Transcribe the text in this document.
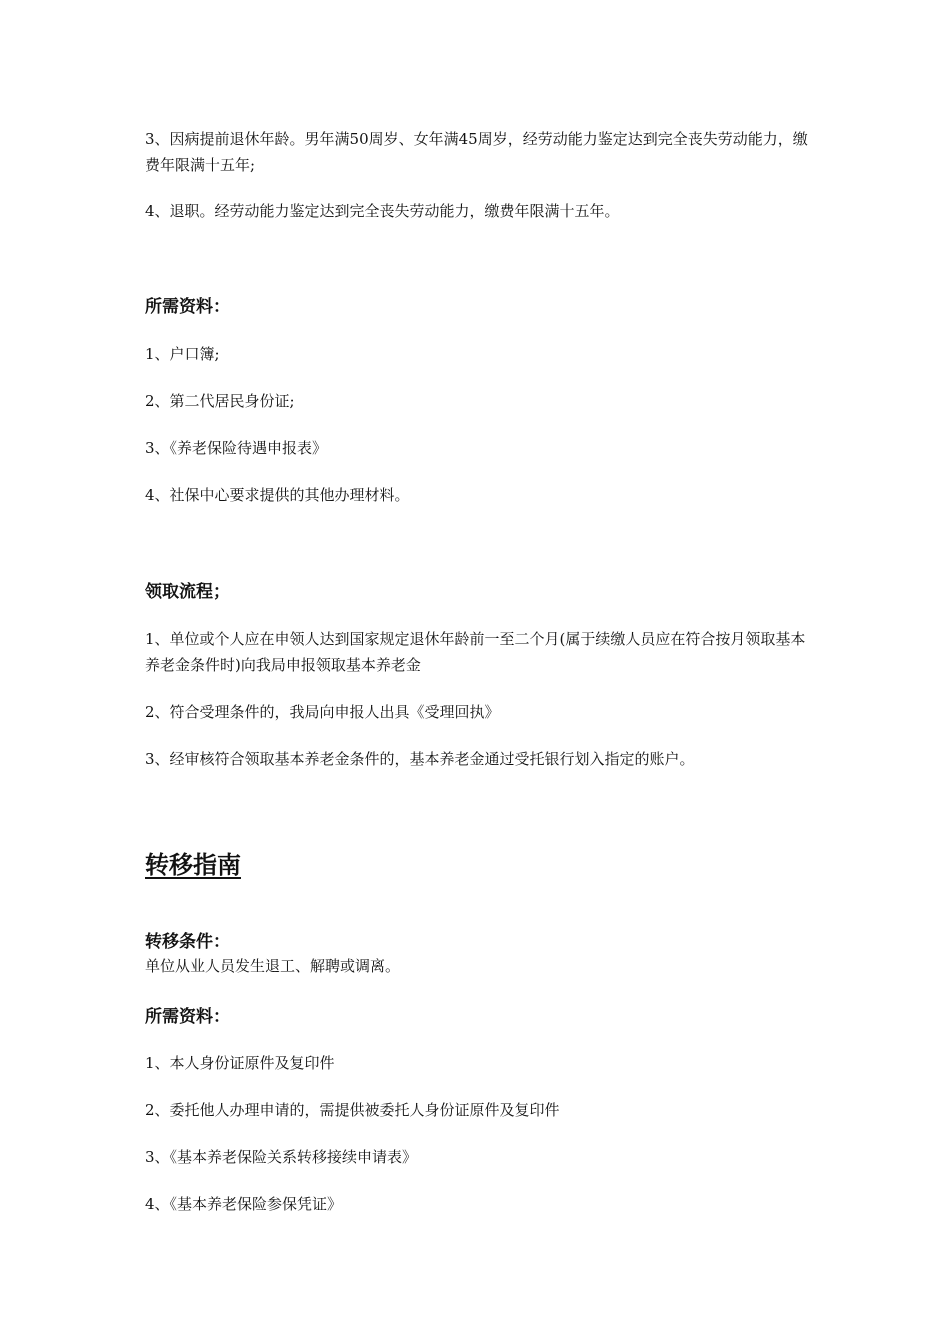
3、因病提前退休年龄。男年满50周岁、女年满45周岁，经劳动能力鉴定达到完全丧失劳动能力，缴费年限满十五年;

4、退职。经劳动能力鉴定达到完全丧失劳动能力，缴费年限满十五年。

所需资料：

1、户口簿;

2、第二代居民身份证;

3、《养老保险待遇申报表》

4、社保中心要求提供的其他办理材料。

领取流程；

1、单位或个人应在申领人达到国家规定退休年龄前一至二个月(属于续缴人员应在符合按月领取基本养老金条件时)向我局申报领取基本养老金

2、符合受理条件的，我局向申报人出具《受理回执》

3、经审核符合领取基本养老金条件的，基本养老金通过受托银行划入指定的账户。

转移指南

转移条件：

单位从业人员发生退工、解聘或调离。

所需资料：

1、本人身份证原件及复印件

2、委托他人办理申请的，需提供被委托人身份证原件及复印件

3、《基本养老保险关系转移接续申请表》

4、《基本养老保险参保凭证》
